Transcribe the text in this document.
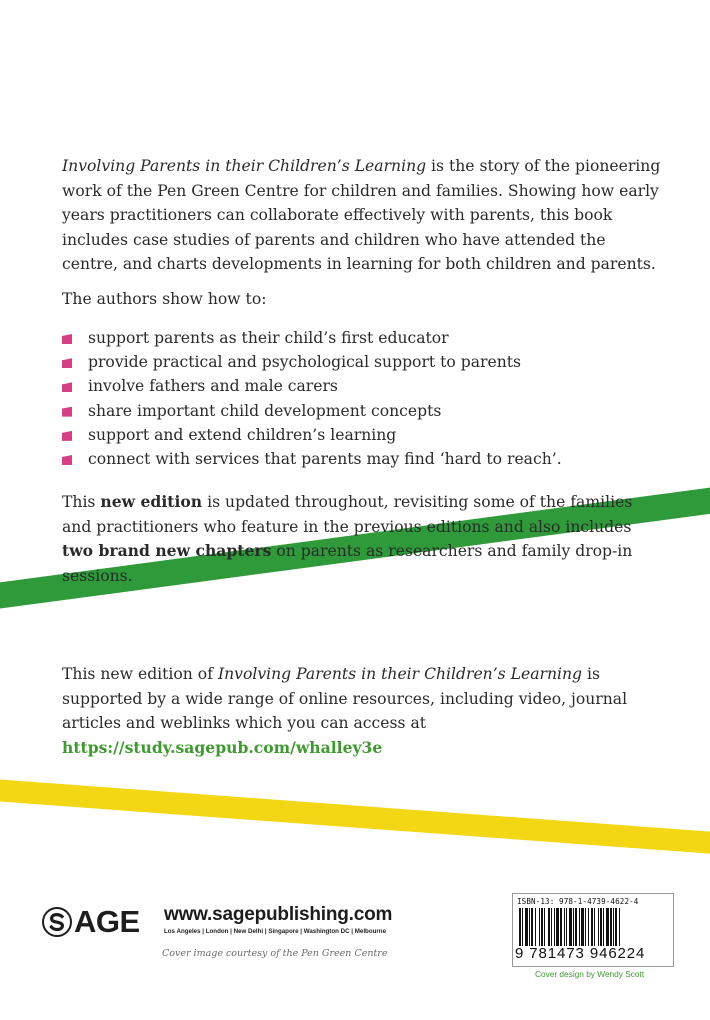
Involving Parents in their Children’s Learning is the story of the pioneering work of the Pen Green Centre for children and families. Showing how early years practitioners can collaborate effectively with parents, this book includes case studies of parents and children who have attended the centre, and charts developments in learning for both children and parents.

The authors show how to:

support parents as their child’s first educator
provide practical and psychological support to parents
involve fathers and male carers
share important child development concepts
support and extend children’s learning
connect with services that parents may find ‘hard to reach’.

This new edition is updated throughout, revisiting some of the families and practitioners who feature in the previous editions and also includes two brand new chapters on parents as researchers and family drop-in sessions.

This new edition of Involving Parents in their Children’s Learning is supported by a wide range of online resources, including video, journal articles and weblinks which you can access at https://study.sagepub.com/whalley3e

AGE www.sagepublishing.com
Los Angeles | London | New Delhi | Singapore | Washington DC | Melbourne
Cover image courtesy of the Pen Green Centre
ISBN-13: 978-1-4739-4622-4
9 781473 946224
Cover design by Wendy Scott
